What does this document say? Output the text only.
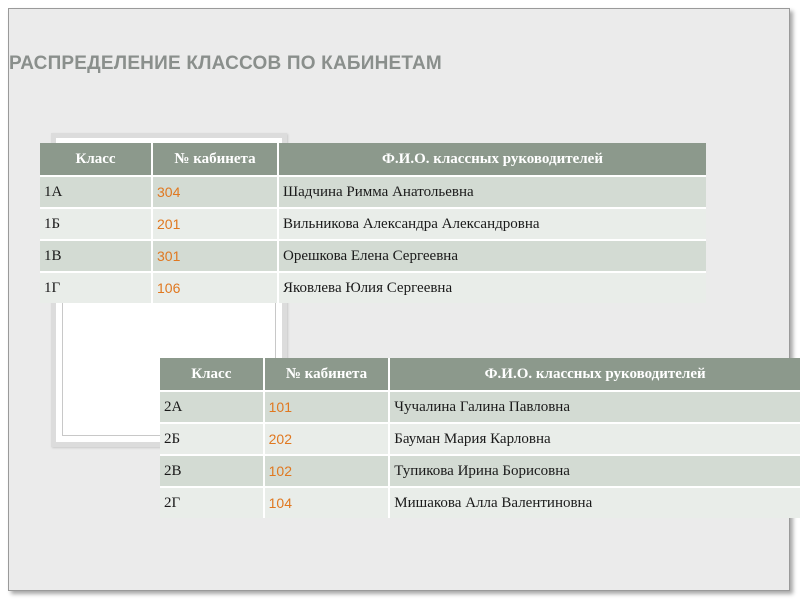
РАСПРЕДЕЛЕНИЕ КЛАССОВ ПО КАБИНЕТАМ
Класс	№ кабинета	Ф.И.О. классных руководителей
1А	304	Шадчина Римма Анатольевна
1Б	201	Вильникова Александра Александровна
1В	301	Орешкова Елена Сергеевна
1Г	106	Яковлева Юлия Сергеевна
Класс	№ кабинета	Ф.И.О. классных руководителей
2А	101	Чучалина Галина Павловна
2Б	202	Бауман Мария Карловна
2В	102	Тупикова Ирина Борисовна
2Г	104	Мишакова Алла Валентиновна
